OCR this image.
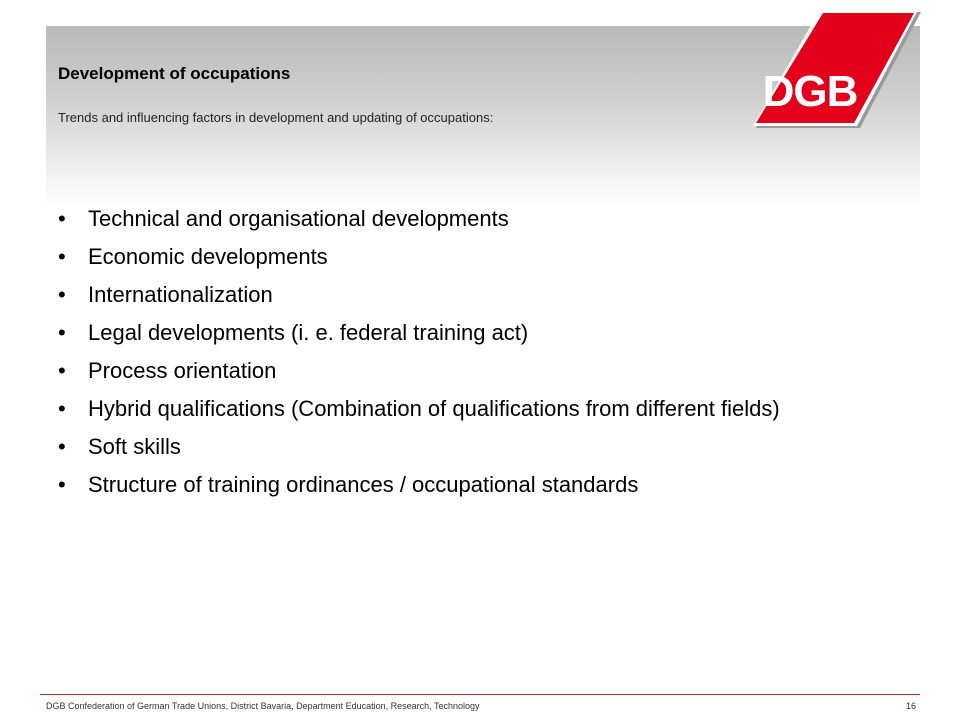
Development of occupations
Trends and influencing factors in development and updating of occupations:
DGB
• Technical and organisational developments
• Economic developments
• Internationalization
• Legal developments (i. e. federal training act)
• Process orientation
• Hybrid qualifications (Combination of qualifications from different fields)
• Soft skills
• Structure of training ordinances / occupational standards
DGB Confederation of German Trade Unions, District Bavaria, Department Education, Research, Technology	16
